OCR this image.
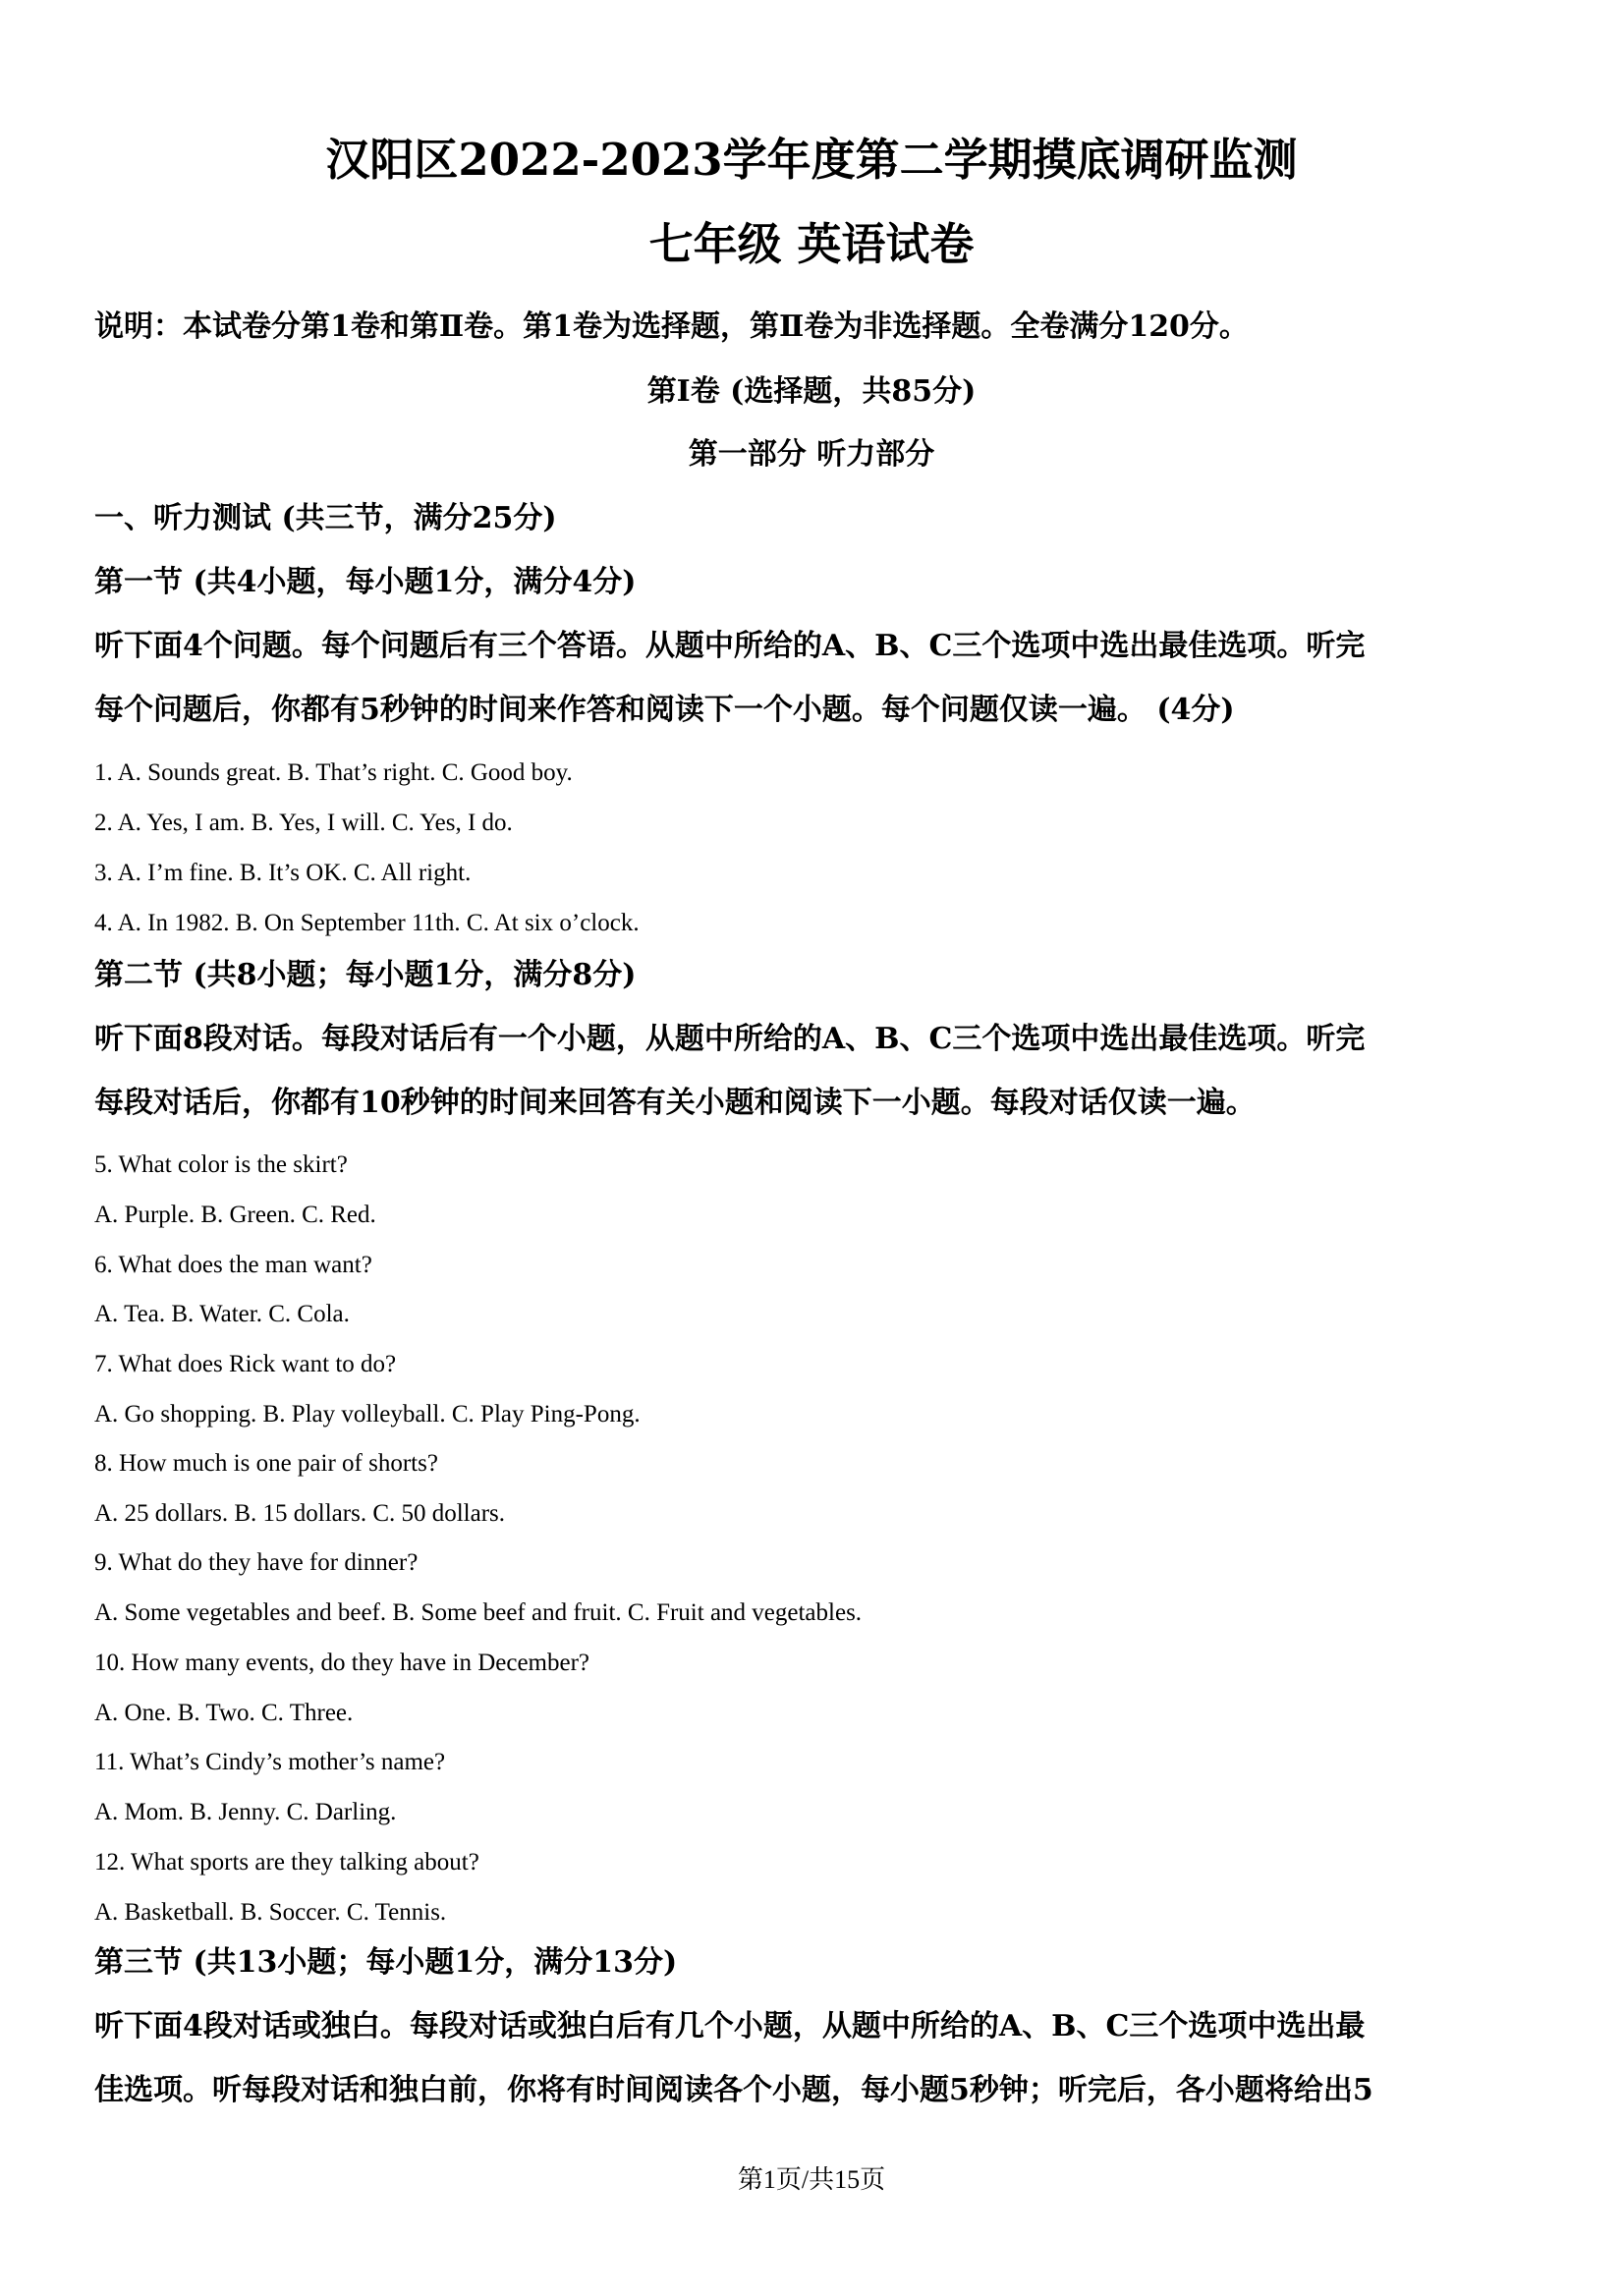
汉阳区2022-2023学年度第二学期摸底调研监测
七年级 英语试卷
说明：本试卷分第1卷和第Ⅱ卷。第1卷为选择题，第Ⅱ卷为非选择题。全卷满分120分。
第Ⅰ卷 (选择题，共85分)
第一部分 听力部分
一、听力测试 (共三节，满分25分)
第一节 (共4小题，每小题1分，满分4分)
听下面4个问题。每个问题后有三个答语。从题中所给的A、B、C三个选项中选出最佳选项。听完
每个问题后，你都有5秒钟的时间来作答和阅读下一个小题。每个问题仅读一遍。 (4分)
1. A. Sounds great. B. That’s right. C. Good boy.
2. A. Yes, I am. B. Yes, I will. C. Yes, I do.
3. A. I’m fine. B. It’s OK. C. All right.
4. A. In 1982. B. On September 11th. C. At six o’clock.
第二节 (共8小题；每小题1分，满分8分)
听下面8段对话。每段对话后有一个小题，从题中所给的A、B、C三个选项中选出最佳选项。听完
每段对话后，你都有10秒钟的时间来回答有关小题和阅读下一小题。每段对话仅读一遍。
5. What color is the skirt?
A. Purple. B. Green. C. Red.
6. What does the man want?
A. Tea. B. Water. C. Cola.
7. What does Rick want to do?
A. Go shopping. B. Play volleyball. C. Play Ping-Pong.
8. How much is one pair of shorts?
A. 25 dollars. B. 15 dollars. C. 50 dollars.
9. What do they have for dinner?
A. Some vegetables and beef. B. Some beef and fruit. C. Fruit and vegetables.
10. How many events, do they have in December?
A. One. B. Two. C. Three.
11. What’s Cindy’s mother’s name?
A. Mom. B. Jenny. C. Darling.
12. What sports are they talking about?
A. Basketball. B. Soccer. C. Tennis.
第三节 (共13小题；每小题1分，满分13分)
听下面4段对话或独白。每段对话或独白后有几个小题，从题中所给的A、B、C三个选项中选出最
佳选项。听每段对话和独白前，你将有时间阅读各个小题，每小题5秒钟；听完后，各小题将给出5
第1页/共15页
